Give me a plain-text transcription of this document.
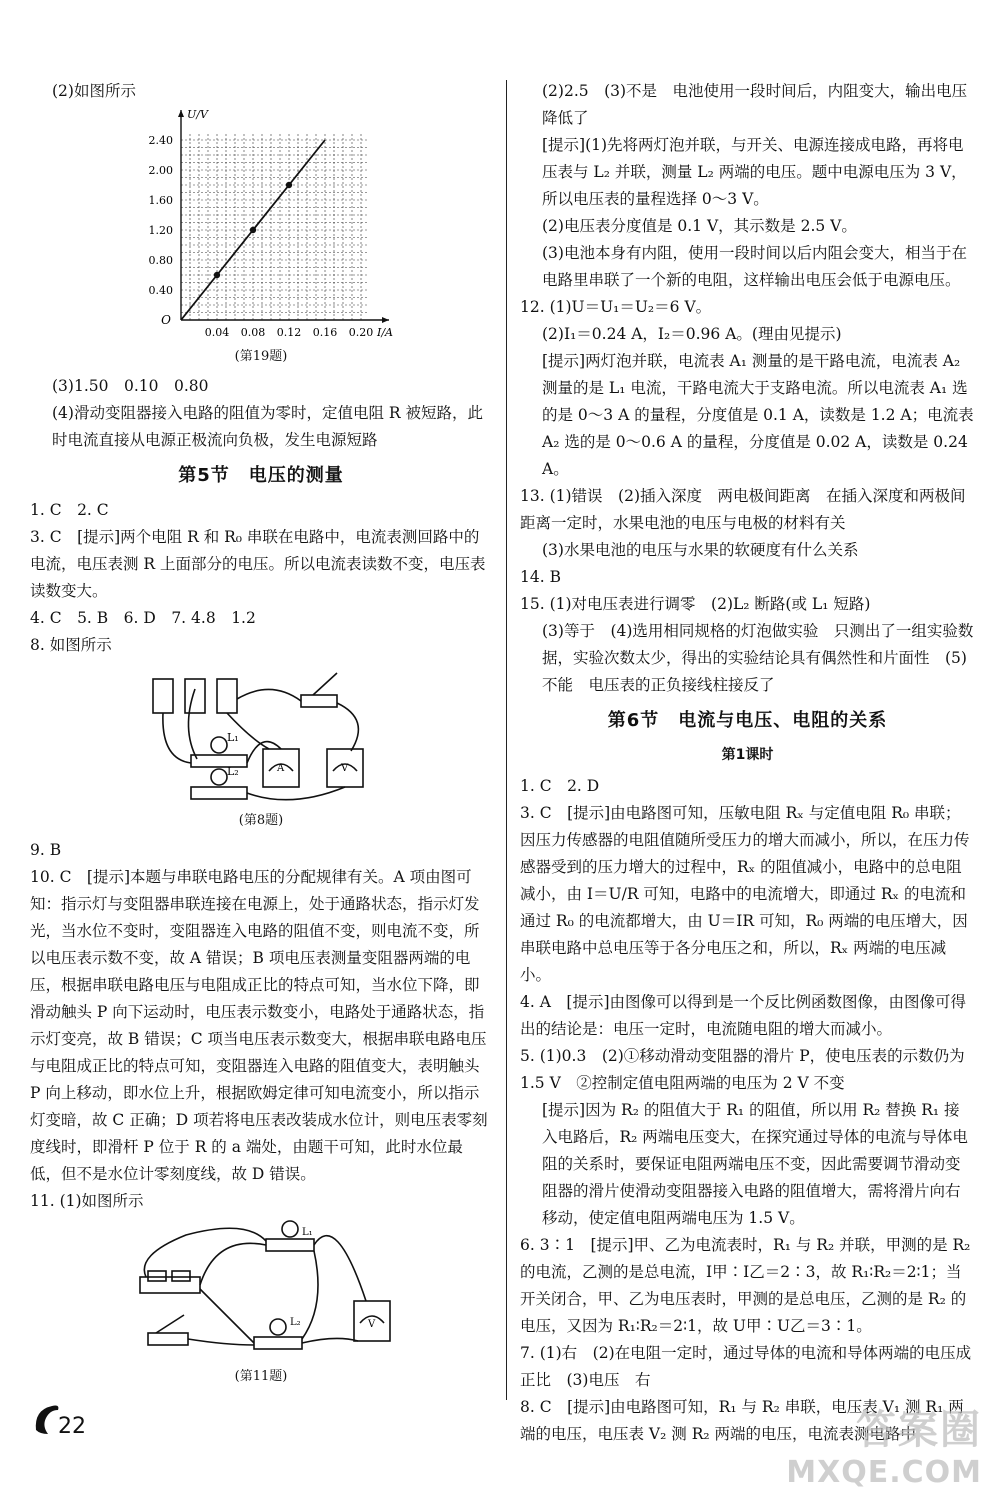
(2)如图所示

0.04 0.08 0.12 0.16 0.20
0.40
0.80
1.20
1.60
2.00
2.40
O
I/A
U/V

(第19题)

(3)1.50　0.10　0.80

(4)滑动变阻器接入电路的阻值为零时，定值电阻 R 被短路，此时电流直接从电源正极流向负极，发生电源短路

第5节　电压的测量

1. C　2. C

3. C　[提示]两个电阻 R 和 R₀ 串联在电路中，电流表测回路中的电流，电压表测 R 上面部分的电压。所以电流表读数不变，电压表读数变大。

4. C　5. B　6. D　7. 4.8　1.2

8. 如图所示

L₁
L₂	A	V

(第8题)

9. B

10. C　[提示]本题与串联电路电压的分配规律有关。A 项由图可知：指示灯与变阻器串联连接在电源上，处于通路状态，指示灯发光，当水位不变时，变阻器连入电路的阻值不变，则电流不变，所以电压表示数不变，故 A 错误；B 项电压表测量变阻器两端的电压，根据串联电路电压与电阻成正比的特点可知，当水位下降，即滑动触头 P 向下运动时，电压表示数变小，电路处于通路状态，指示灯变亮，故 B 错误；C 项当电压表示数变大，根据串联电路电压与电阻成正比的特点可知，变阻器连入电路的阻值变大，表明触头 P 向上移动，即水位上升，根据欧姆定律可知电流变小，所以指示灯变暗，故 C 正确；D 项若将电压表改装成水位计，则电压表零刻度线时，即滑杆 P 位于 R 的 a 端处，由题干可知，此时水位最低，但不是水位计零刻度线，故 D 错误。

11. (1)如图所示

L₁
L₂	V

(第11题)

(2)2.5　(3)不是　电池使用一段时间后，内阻变大，输出电压降低了

[提示](1)先将两灯泡并联，与开关、电源连接成电路，再将电压表与 L₂ 并联，测量 L₂ 两端的电压。题中电源电压为 3 V，所以电压表的量程选择 0～3 V。

(2)电压表分度值是 0.1 V，其示数是 2.5 V。

(3)电池本身有内阻，使用一段时间以后内阻会变大，相当于在电路里串联了一个新的电阻，这样输出电压会低于电源电压。

12. (1)U＝U₁＝U₂＝6 V。

(2)I₁＝0.24 A，I₂＝0.96 A。(理由见提示)

[提示]两灯泡并联，电流表 A₁ 测量的是干路电流，电流表 A₂ 测量的是 L₁ 电流，干路电流大于支路电流。所以电流表 A₁ 选的是 0～3 A 的量程，分度值是 0.1 A，读数是 1.2 A；电流表 A₂ 选的是 0～0.6 A 的量程，分度值是 0.02 A，读数是 0.24 A。

13. (1)错误　(2)插入深度　两电极间距离　在插入深度和两极间距离一定时，水果电池的电压与电极的材料有关

(3)水果电池的电压与水果的软硬度有什么关系

14. B

15. (1)对电压表进行调零　(2)L₂ 断路(或 L₁ 短路)

(3)等于　(4)选用相同规格的灯泡做实验　只测出了一组实验数据，实验次数太少，得出的实验结论具有偶然性和片面性　(5)不能　电压表的正负接线柱接反了

第6节　电流与电压、电阻的关系

第1课时

1. C　2. D

3. C　[提示]由电路图可知，压敏电阻 Rₓ 与定值电阻 R₀ 串联；因压力传感器的电阻值随所受压力的增大而减小，所以，在压力传感器受到的压力增大的过程中，Rₓ 的阻值减小，电路中的总电阻减小，由 I＝U/R 可知，电路中的电流增大，即通过 Rₓ 的电流和通过 R₀ 的电流都增大，由 U＝IR 可知，R₀ 两端的电压增大，因串联电路中总电压等于各分电压之和，所以，Rₓ 两端的电压减小。

4. A　[提示]由图像可以得到是一个反比例函数图像，由图像可得出的结论是：电压一定时，电流随电阻的增大而减小。

5. (1)0.3　(2)①移动滑动变阻器的滑片 P，使电压表的示数仍为 1.5 V　②控制定值电阻两端的电压为 2 V 不变

[提示]因为 R₂ 的阻值大于 R₁ 的阻值，所以用 R₂ 替换 R₁ 接入电路后，R₂ 两端电压变大，在探究通过导体的电流与导体电阻的关系时，要保证电阻两端电压不变，因此需要调节滑动变阻器的滑片使滑动变阻器接入电路的阻值增大，需将滑片向右移动，使定值电阻两端电压为 1.5 V。

6. 3∶1　[提示]甲、乙为电流表时，R₁ 与 R₂ 并联，甲测的是 R₂ 的电流，乙测的是总电流，I甲∶I乙＝2∶3，故 R₁∶R₂＝2∶1；当开关闭合，甲、乙为电压表时，甲测的是总电压，乙测的是 R₂ 的电压，又因为 R₁∶R₂＝2∶1，故 U甲∶U乙＝3∶1。

7. (1)右　(2)在电阻一定时，通过导体的电流和导体两端的电压成正比　(3)电压　右

8. C　[提示]由电路图可知，R₁ 与 R₂ 串联，电压表 V₁ 测 R₁ 两端的电压，电压表 V₂ 测 R₂ 两端的电压，电流表测电路中

22	答案圈
MXQE.COM
